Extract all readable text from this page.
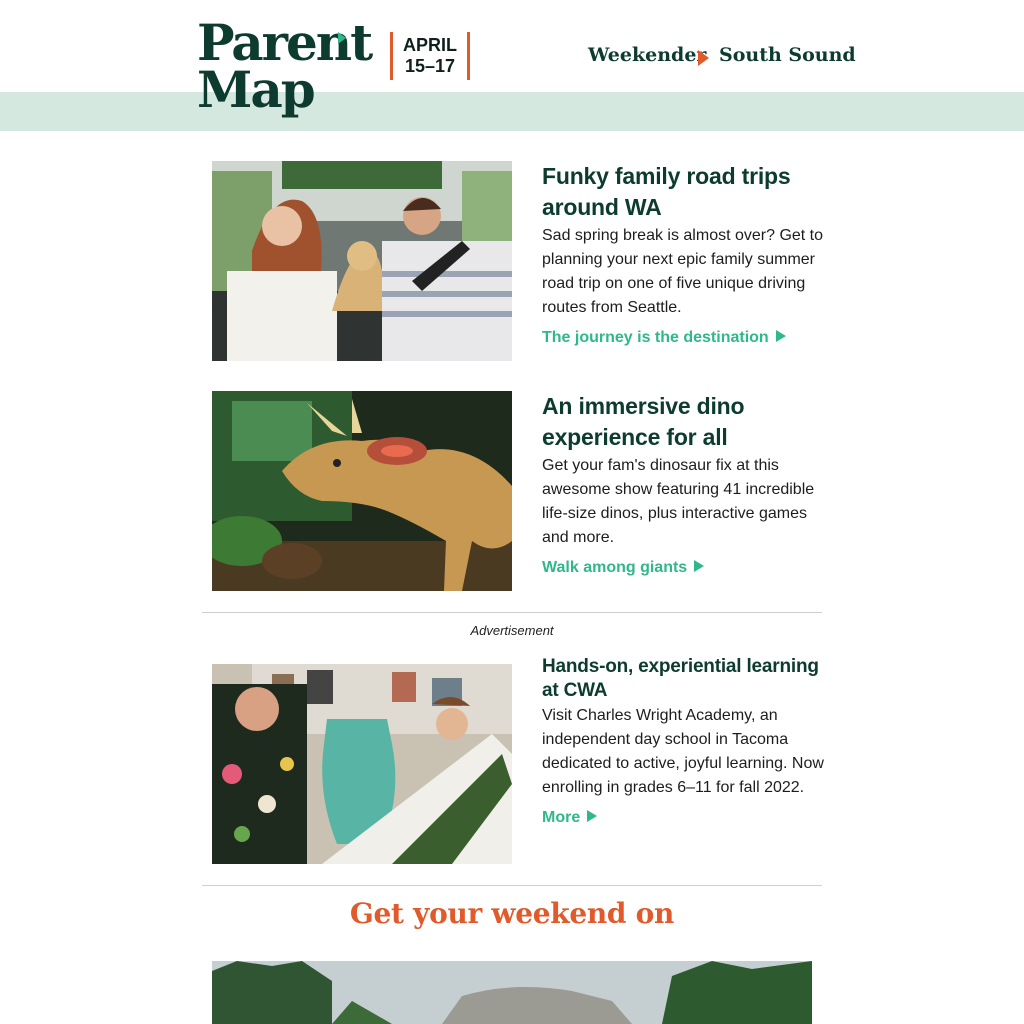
Parent
Map
APRIL
15–17	Weekender South Sound
Funky family road trips around WA

Sad spring break is almost over? Get to planning your next epic family summer road trip on one of five unique driving routes from Seattle.

The journey is the destination
An immersive dino experience for all

Get your fam's dinosaur fix at this awesome show featuring 41 incredible life-size dinos, plus interactive games and more.

Walk among giants
Advertisement
Hands-on, experiential learning at CWA

Visit Charles Wright Academy, an independent day school in Tacoma dedicated to active, joyful learning. Now enrolling in grades 6–11 for fall 2022.

More
Get your weekend on
